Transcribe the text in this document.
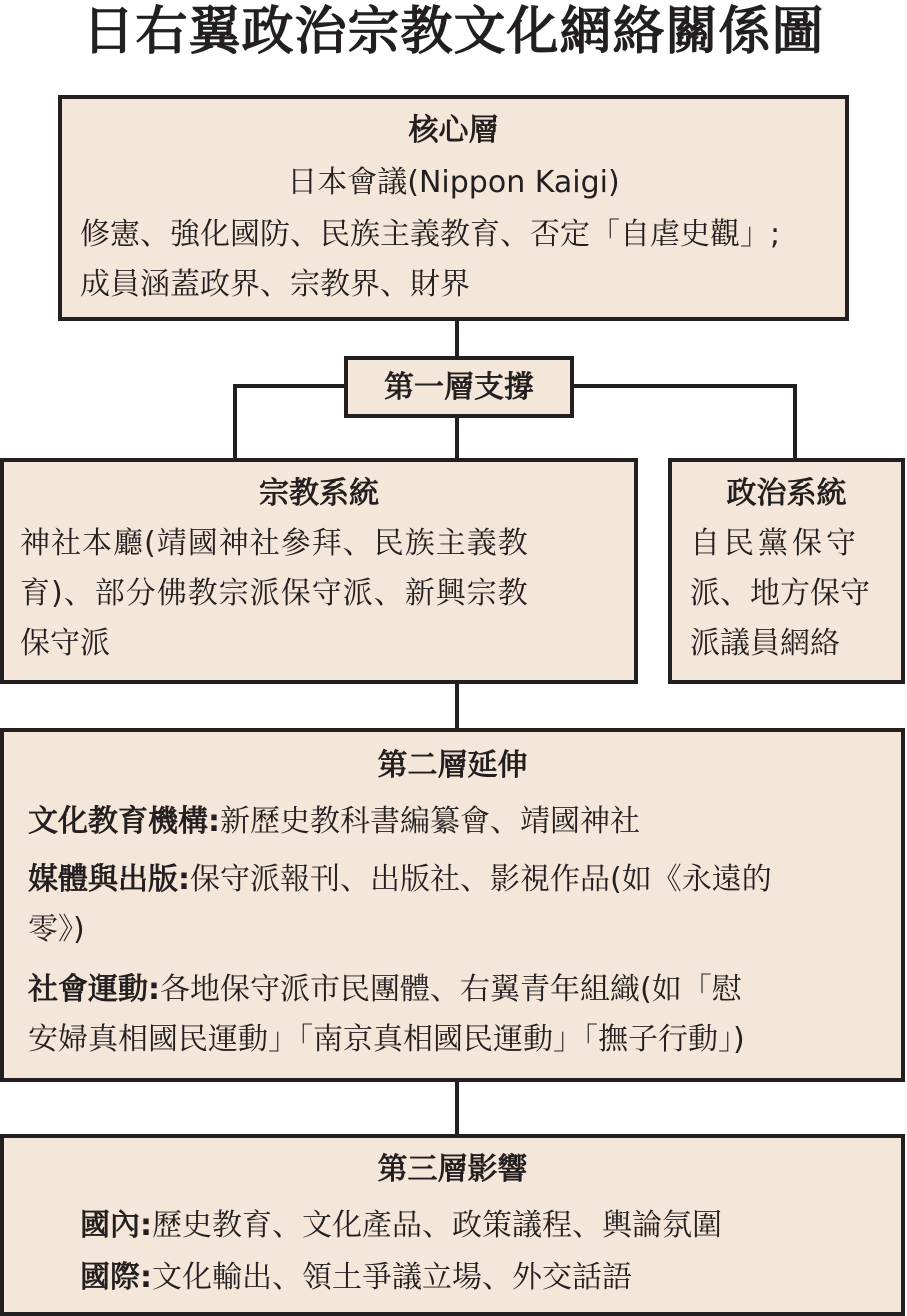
日右翼政治宗教文化網絡關係圖
核心層
日本會議(Nippon Kaigi)
修憲、強化國防、民族主義教育、否定「自虐史觀」;
成員涵蓋政界、宗教界、財界
第一層支撐
宗教系統
神社本廳(靖國神社參拜、民族主義教
育)、部分佛教宗派保守派、新興宗教
保守派
政治系統
自民黨保守
派、地方保守
派議員網絡
第二層延伸
文化教育機構:新歷史教科書編纂會、靖國神社
媒體與出版:保守派報刊、出版社、影視作品(如《永遠的
零》)
社會運動:各地保守派市民團體、右翼青年組織(如「慰
安婦真相國民運動」「南京真相國民運動」「撫子行動」)
第三層影響
國內:歷史教育、文化產品、政策議程、輿論氛圍
國際:文化輸出、領土爭議立場、外交話語
